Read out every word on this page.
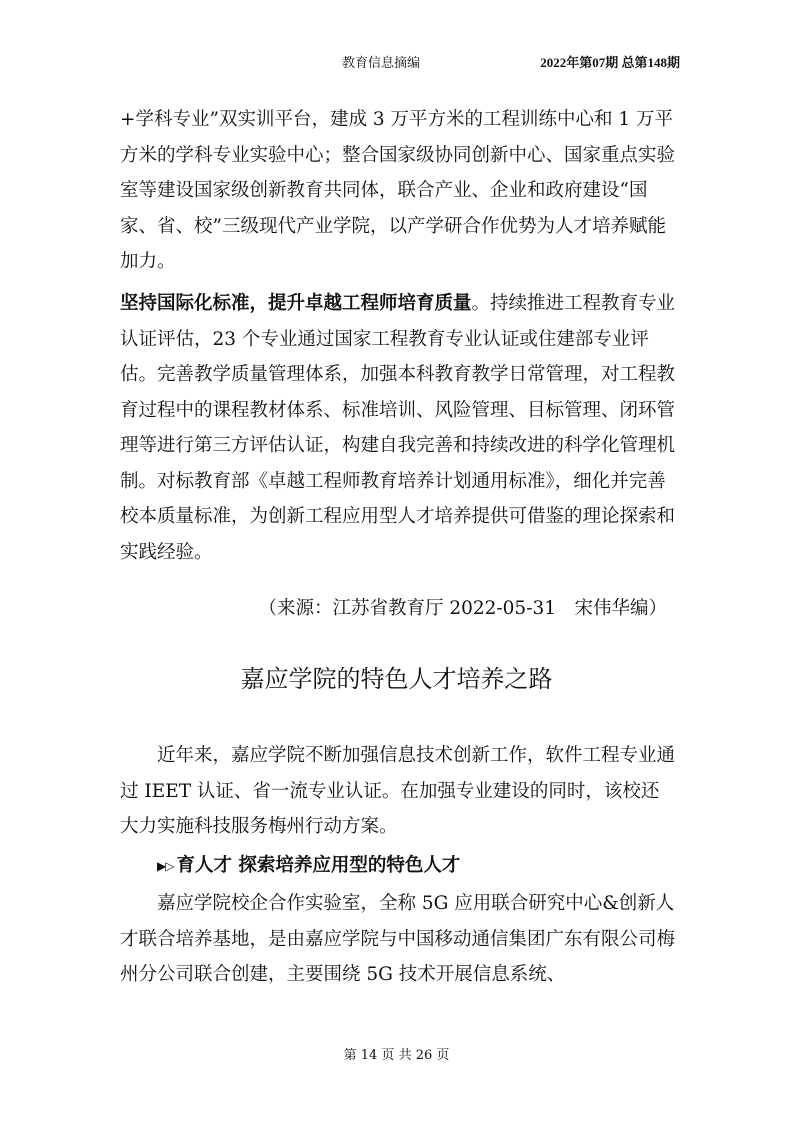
教育信息摘编	2022年第07期 总第148期
+学科专业”双实训平台，建成 3 万平方米的工程训练中心和 1 万平方米的学科专业实验中心；整合国家级协同创新中心、国家重点实验室等建设国家级创新教育共同体，联合产业、企业和政府建设“国家、省、校”三级现代产业学院，以产学研合作优势为人才培养赋能加力。
坚持国际化标准，提升卓越工程师培育质量。持续推进工程教育专业认证评估，23 个专业通过国家工程教育专业认证或住建部专业评估。完善教学质量管理体系，加强本科教育教学日常管理，对工程教育过程中的课程教材体系、标准培训、风险管理、目标管理、闭环管理等进行第三方评估认证，构建自我完善和持续改进的科学化管理机制。对标教育部《卓越工程师教育培养计划通用标准》，细化并完善校本质量标准，为创新工程应用型人才培养提供可借鉴的理论探索和实践经验。
（来源：江苏省教育厅 2022-05-31　宋伟华编）
嘉应学院的特色人才培养之路
近年来，嘉应学院不断加强信息技术创新工作，软件工程专业通过 IEET 认证、省一流专业认证。在加强专业建设的同时，该校还大力实施科技服务梅州行动方案。
▶▷ 育人才 探索培养应用型的特色人才
嘉应学院校企合作实验室，全称 5G 应用联合研究中心&创新人才联合培养基地，是由嘉应学院与中国移动通信集团广东有限公司梅州分公司联合创建，主要围绕 5G 技术开展信息系统、
第 14 页 共 26 页
